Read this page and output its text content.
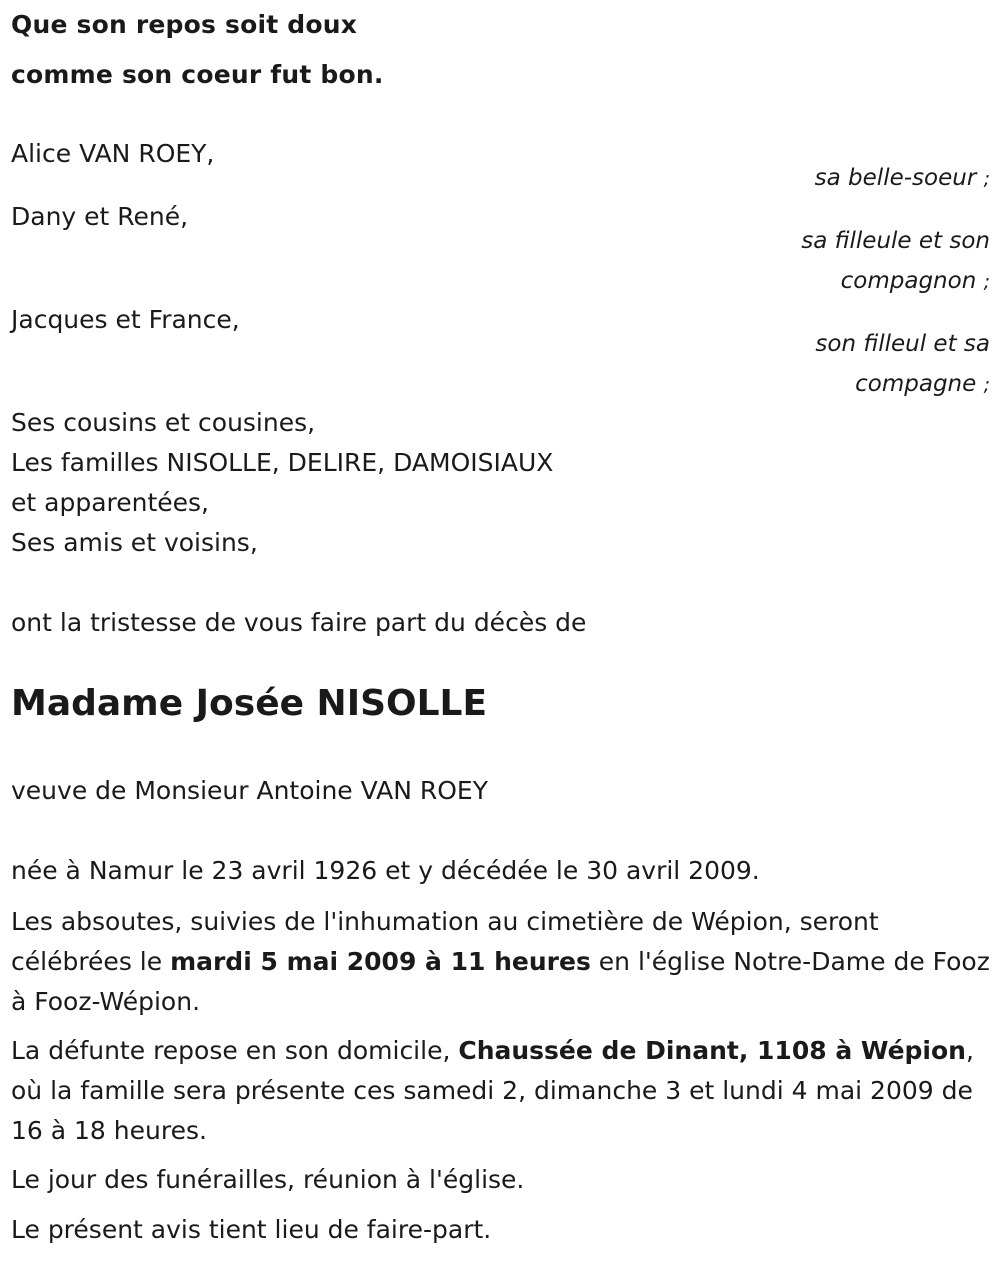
Que son repos soit doux
comme son coeur fut bon.
Alice VAN ROEY,
sa belle-soeur ;
Dany et René,
sa filleule et son compagnon ;
Jacques et France,
son filleul et sa compagne ;
Ses cousins et cousines,
Les familles NISOLLE, DELIRE, DAMOISIAUX
et apparentées,
Ses amis et voisins,
ont la tristesse de vous faire part du décès de
Madame Josée NISOLLE
veuve de Monsieur Antoine VAN ROEY
née à Namur le 23 avril 1926 et y décédée le 30 avril 2009.
Les absoutes, suivies de l'inhumation au cimetière de Wépion, seront célébrées le mardi 5 mai 2009 à 11 heures en l'église Notre-Dame de Fooz à Fooz-Wépion.
La défunte repose en son domicile, Chaussée de Dinant, 1108 à Wépion, où la famille sera présente ces samedi 2, dimanche 3 et lundi 4 mai 2009 de 16 à 18 heures.
Le jour des funérailles, réunion à l'église.
Le présent avis tient lieu de faire-part.
